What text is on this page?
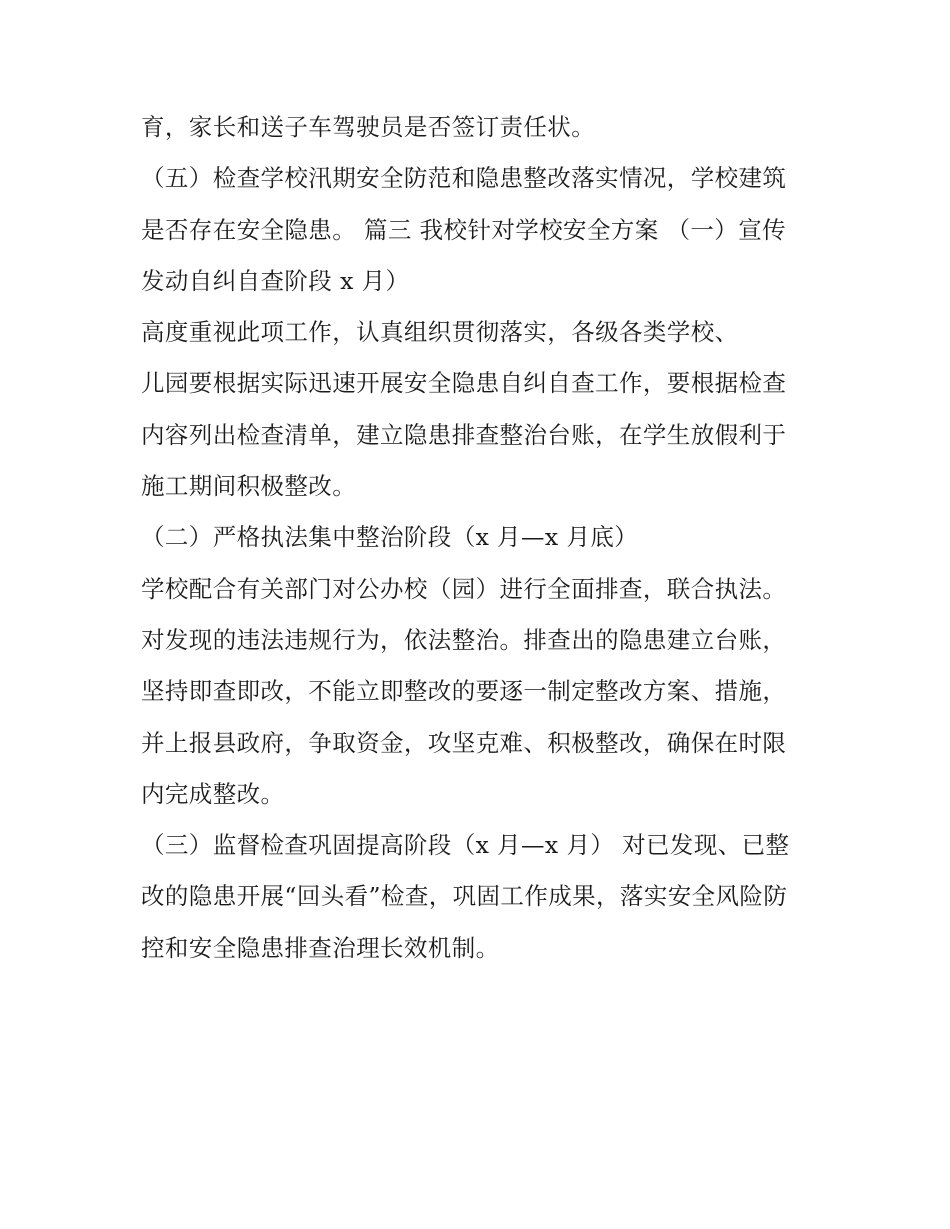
育，家长和送子车驾驶员是否签订责任状。
（五）检查学校汛期安全防范和隐患整改落实情况，学校建筑
是否存在安全隐患。 篇三 我校针对学校安全方案 （一）宣传
发动自纠自查阶段 x 月）
高度重视此项工作，认真组织贯彻落实，各级各类学校、
儿园要根据实际迅速开展安全隐患自纠自查工作，要根据检查
内容列出检查清单，建立隐患排查整治台账，在学生放假利于
施工期间积极整改。
（二）严格执法集中整治阶段（x 月—x 月底）
学校配合有关部门对公办校（园）进行全面排查，联合执法。
对发现的违法违规行为，依法整治。排查出的隐患建立台账，
坚持即查即改，不能立即整改的要逐一制定整改方案、措施，
并上报县政府，争取资金，攻坚克难、积极整改，确保在时限
内完成整改。
（三）监督检查巩固提高阶段（x 月—x 月） 对已发现、已整
改的隐患开展“回头看”检查，巩固工作成果，落实安全风险防
控和安全隐患排查治理长效机制。
